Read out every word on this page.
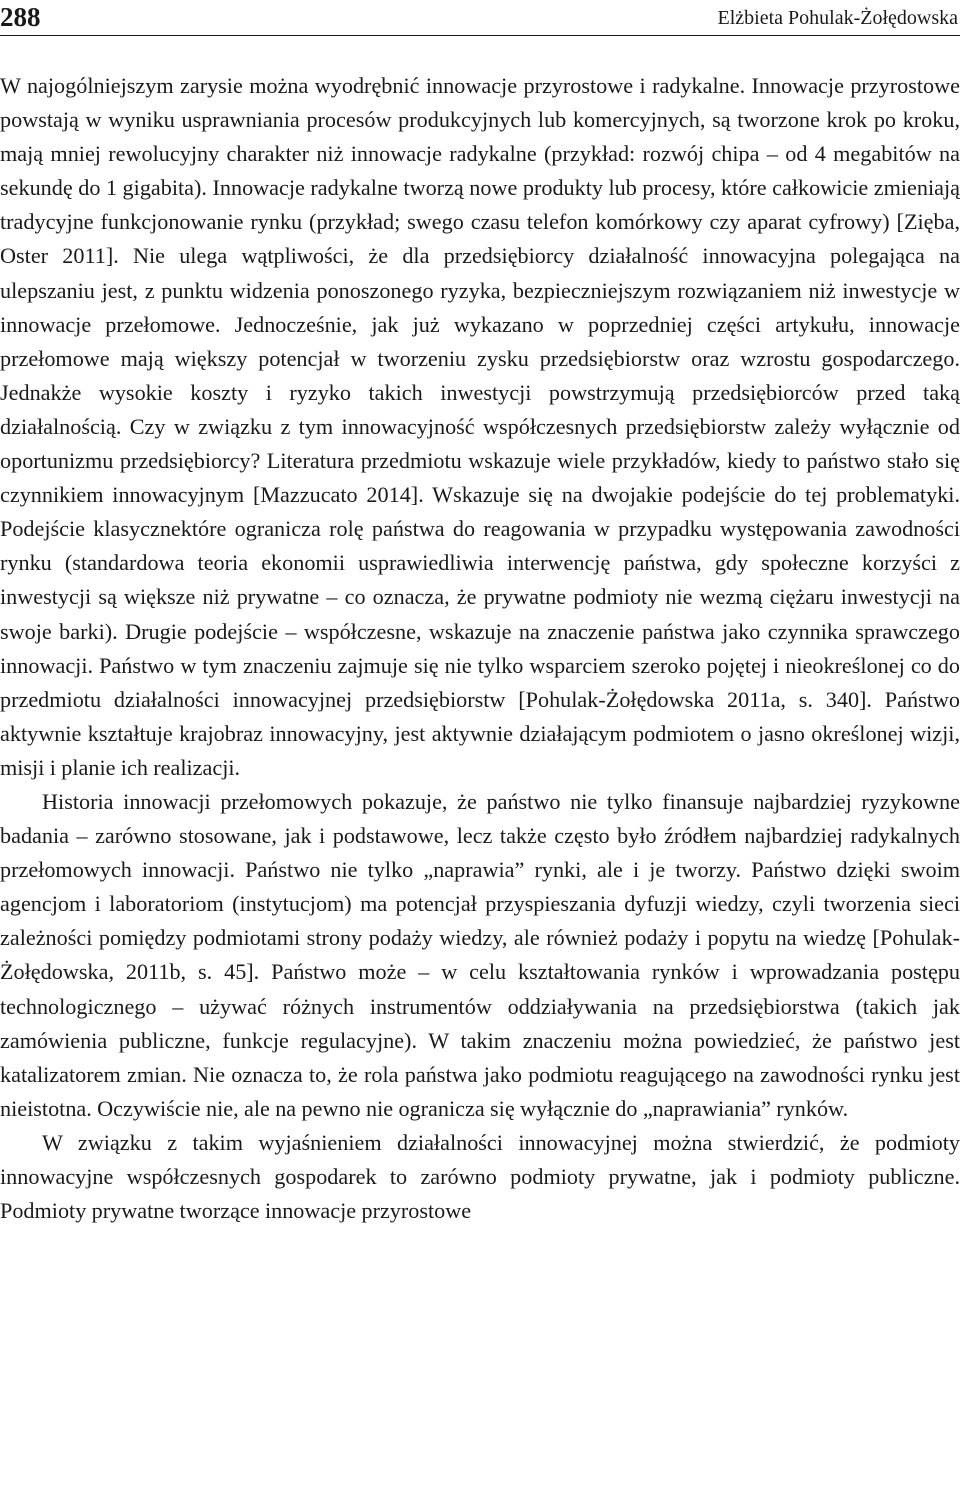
288	Elżbieta Pohulak-Żołędowska

W najogólniejszym zarysie można wyodrębnić innowacje przyrostowe i radykalne. Innowacje przyrostowe powstają w wyniku usprawniania procesów produkcyjnych lub komercyjnych, są tworzone krok po kroku, mają mniej rewolucyjny charakter niż innowacje radykalne (przykład: rozwój chipa – od 4 megabitów na sekundę do 1 gigabita). Innowacje radykalne tworzą nowe produkty lub procesy, które całkowicie zmieniają tradycyjne funkcjonowanie rynku (przykład; swego czasu telefon komórkowy czy aparat cyfrowy) [Zięba, Oster 2011]. Nie ulega wątpliwości, że dla przedsiębiorcy działalność innowacyjna polegająca na ulepszaniu jest, z punktu widzenia ponoszonego ryzyka, bezpieczniejszym rozwiązaniem niż inwestycje w innowacje przełomowe. Jednocześnie, jak już wykazano w poprzedniej części artykułu, innowacje przełomowe mają większy potencjał w tworzeniu zysku przedsiębiorstw oraz wzrostu gospodarczego. Jednakże wysokie koszty i ryzyko takich inwestycji powstrzymują przedsiębiorców przed taką działalnością. Czy w związku z tym innowacyjność współczesnych przedsiębiorstw zależy wyłącznie od oportunizmu przedsiębiorcy? Literatura przedmiotu wskazuje wiele przykładów, kiedy to państwo stało się czynnikiem innowacyjnym [Mazzucato 2014]. Wskazuje się na dwojakie podejście do tej problematyki. Podejście klasycznektóre ogranicza rolę państwa do reagowania w przypadku występowania zawodności rynku (standardowa teoria ekonomii usprawiedliwia interwencję państwa, gdy społeczne korzyści z inwestycji są większe niż prywatne – co oznacza, że prywatne podmioty nie wezmą ciężaru inwestycji na swoje barki). Drugie podejście – współczesne, wskazuje na znaczenie państwa jako czynnika sprawczego innowacji. Państwo w tym znaczeniu zajmuje się nie tylko wsparciem szeroko pojętej i nieokreślonej co do przedmiotu działalności innowacyjnej przedsiębiorstw [Pohulak-Żołędowska 2011a, s. 340]. Państwo aktywnie kształtuje krajobraz innowacyjny, jest aktywnie działającym podmiotem o jasno określonej wizji, misji i planie ich realizacji.

Historia innowacji przełomowych pokazuje, że państwo nie tylko finansuje najbardziej ryzykowne badania – zarówno stosowane, jak i podstawowe, lecz także często było źródłem najbardziej radykalnych przełomowych innowacji. Państwo nie tylko „naprawia” rynki, ale i je tworzy. Państwo dzięki swoim agencjom i laboratoriom (instytucjom) ma potencjał przyspieszania dyfuzji wiedzy, czyli tworzenia sieci zależności pomiędzy podmiotami strony podaży wiedzy, ale również podaży i popytu na wiedzę [Pohulak-Żołędowska, 2011b, s. 45]. Państwo może – w celu kształtowania rynków i wprowadzania postępu technologicznego – używać różnych instrumentów oddziaływania na przedsiębiorstwa (takich jak zamówienia publiczne, funkcje regulacyjne). W takim znaczeniu można powiedzieć, że państwo jest katalizatorem zmian. Nie oznacza to, że rola państwa jako podmiotu reagującego na zawodności rynku jest nieistotna. Oczywiście nie, ale na pewno nie ogranicza się wyłącznie do „naprawiania” rynków.

W związku z takim wyjaśnieniem działalności innowacyjnej można stwierdzić, że podmioty innowacyjne współczesnych gospodarek to zarówno podmioty prywatne, jak i podmioty publiczne. Podmioty prywatne tworzące innowacje przyrostowe
